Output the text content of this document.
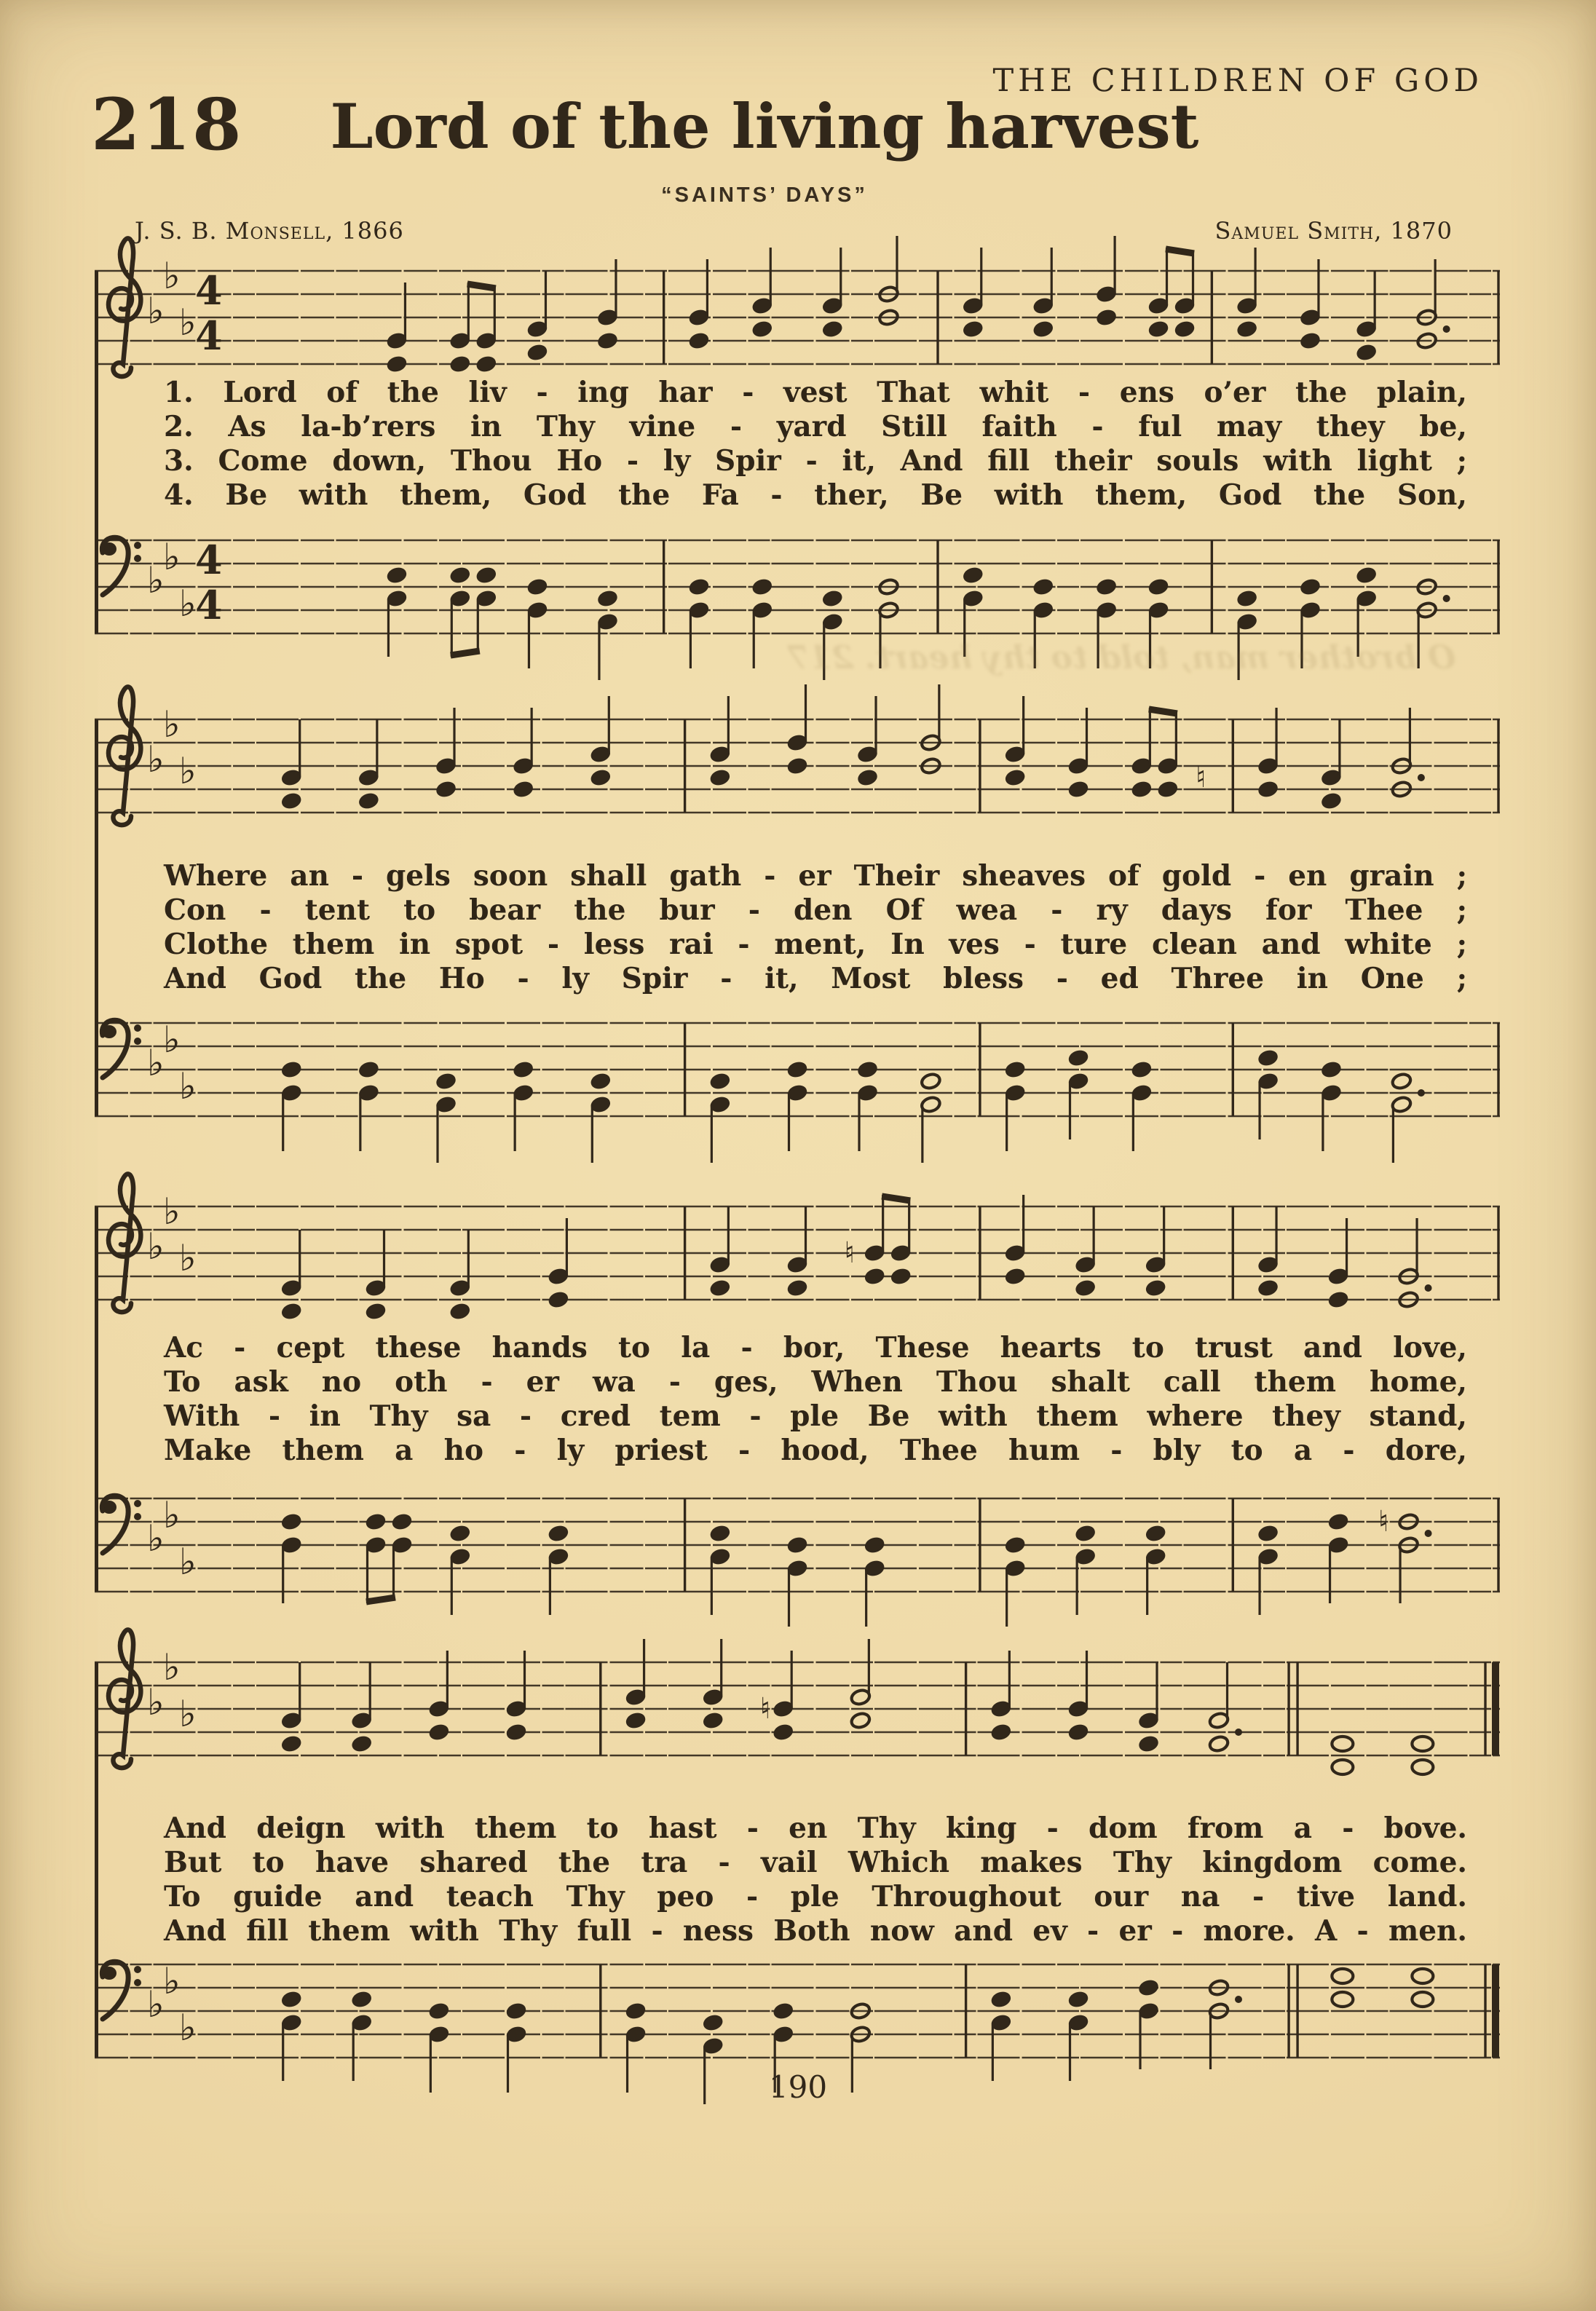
THE CHILDREN OF GOD
218	Lord of the living harvest
“SAINTS’ DAYS”
J. S. B. Monsell, 1866	Samuel Smith, 1870
♭
♭
♭
4
4
1. Lord of the liv - ing har - vest That whit - ens o’er the plain,
2. As la-b’rers in Thy vine - yard Still faith - ful may they be,
3. Come down, Thou Ho - ly Spir - it, And fill their souls with light ;
4. Be with them, God the Fa - ther, Be with them, God the Son,
♭
♭
♭
4
4
O brother man, told to thy heart. 217
♭
♭
♭	♮
Where an - gels soon shall gath - er Their sheaves of gold - en grain ;
Con - tent to bear the bur - den Of wea - ry days for Thee ;
Clothe them in spot - less rai - ment, In ves - ture clean and white ;
And God the Ho - ly Spir - it, Most bless - ed Three in One ;
♭
♭
♭
♭
♭
♭	♮
Ac - cept these hands to la - bor, These hearts to trust and love,
To ask no oth - er wa - ges, When Thou shalt call them home,
With - in Thy sa - cred tem - ple Be with them where they stand,
Make them a ho - ly priest - hood, Thee hum - bly to a - dore,
♭
♭
♭
♮
♭
♭
♭	♮
And deign with them to hast - en Thy king - dom from a - bove.
But to have shared the tra - vail Which makes Thy kingdom come.
To guide and teach Thy peo - ple Throughout our na - tive land.
And fill them with Thy full - ness Both now and ev - er - more. A - men.
♭
♭
♭
190
